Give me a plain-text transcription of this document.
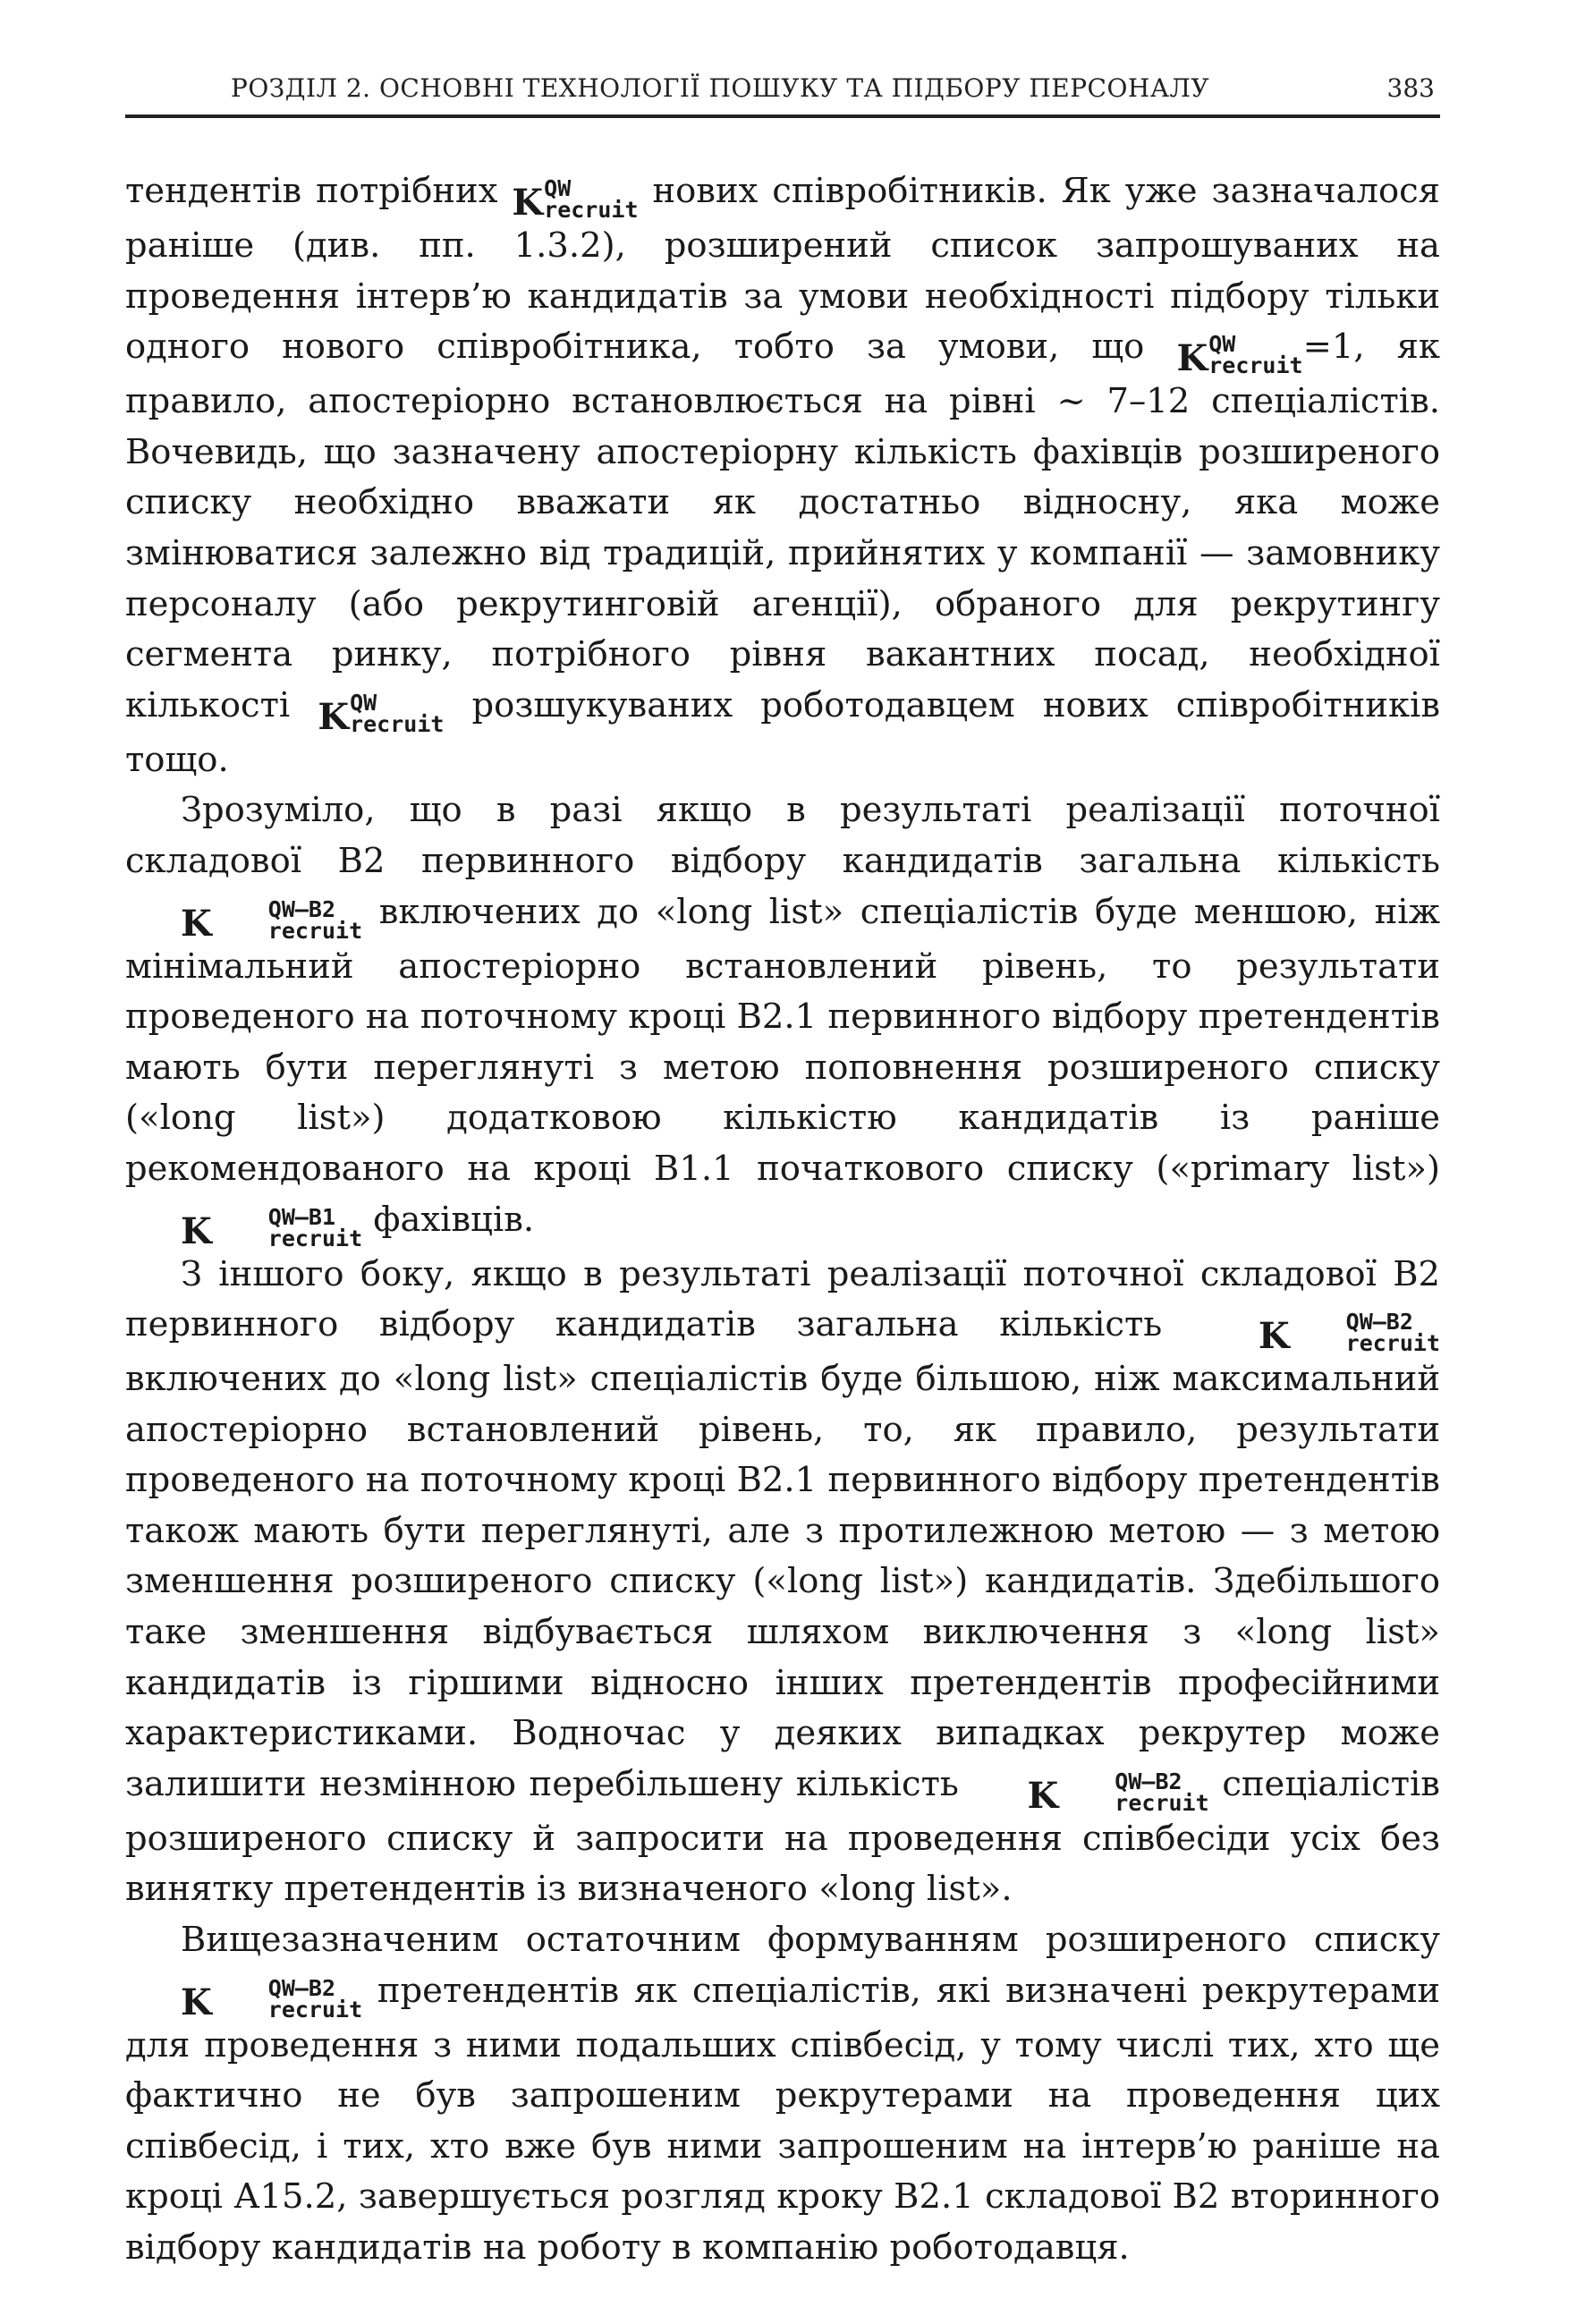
РОЗДІЛ 2. ОСНОВНІ ТЕХНОЛОГІЇ ПОШУКУ ТА ПІДБОРУ ПЕРСОНАЛУ	383

тендентів потрібних K QW
recruit нових співробітників. Як уже зазначалося раніше (див. пп. 1.3.2), розширений список запрошуваних на проведення інтерв’ю кандидатів за умови необхідності підбору тільки одного нового співробітника, тобто за умови, що K QW
recruit =1, як правило, апостеріорно встановлюється на рівні ~ 7–12 спеціалістів. Вочевидь, що зазначену апостеріорну кількість фахівців розширеного списку необхідно вважати як достатньо відносну, яка може змінюватися залежно від традицій, прийнятих у компанії — замовнику персоналу (або рекрутинговій агенції), обраного для рекрутингу сегмента ринку, потрібного рівня вакантних посад, необхідної кількості K QW
recruit розшукуваних роботодавцем нових співробітників тощо.

Зрозуміло, що в разі якщо в результаті реалізації поточної складової В2 первинного відбору кандидатів загальна кількість
K	QW–B2
recruit включених до «long list» спеціалістів буде меншою, ніж мінімальний апостеріорно встановлений рівень, то результати проведеного на поточному кроці В2.1 первинного відбору претендентів мають бути переглянуті з метою поповнення розширеного списку («long list») додатковою кількістю кандидатів із раніше рекомендованого на кроці В1.1 початкового списку («primary list»)
K	QW–B1
recruit фахівців.

З іншого боку, якщо в результаті реалізації поточної складової В2 первинного відбору кандидатів загальна кількість	K	QW–B2
recruit
включених до «long list» спеціалістів буде більшою, ніж максимальний апостеріорно встановлений рівень, то, як правило, результати проведеного на поточному кроці В2.1 первинного відбору претендентів також мають бути переглянуті, але з протилежною метою — з метою зменшення розширеного списку («long list») кандидатів. Здебільшого таке зменшення відбувається шляхом виключення з «long list» кандидатів із гіршими відносно інших претендентів професійними характеристиками. Водночас у деяких випадках рекрутер може залишити незмінною перебільшену кількість	K	QW–B2
recruit спеціалістів розширеного списку й запросити на проведення співбесіди усіх без винятку претендентів із визначеного «long list».

Вищезазначеним остаточним формуванням розширеного списку
K	QW–B2
recruit претендентів як спеціалістів, які визначені рекрутерами для проведення з ними подальших співбесід, у тому числі тих, хто ще фактично не був запрошеним рекрутерами на проведення цих співбесід, і тих, хто вже був ними запрошеним на інтерв’ю раніше на кроці А15.2, завершується розгляд кроку В2.1 складової В2 вторинного відбору кандидатів на роботу в компанію роботодавця.
